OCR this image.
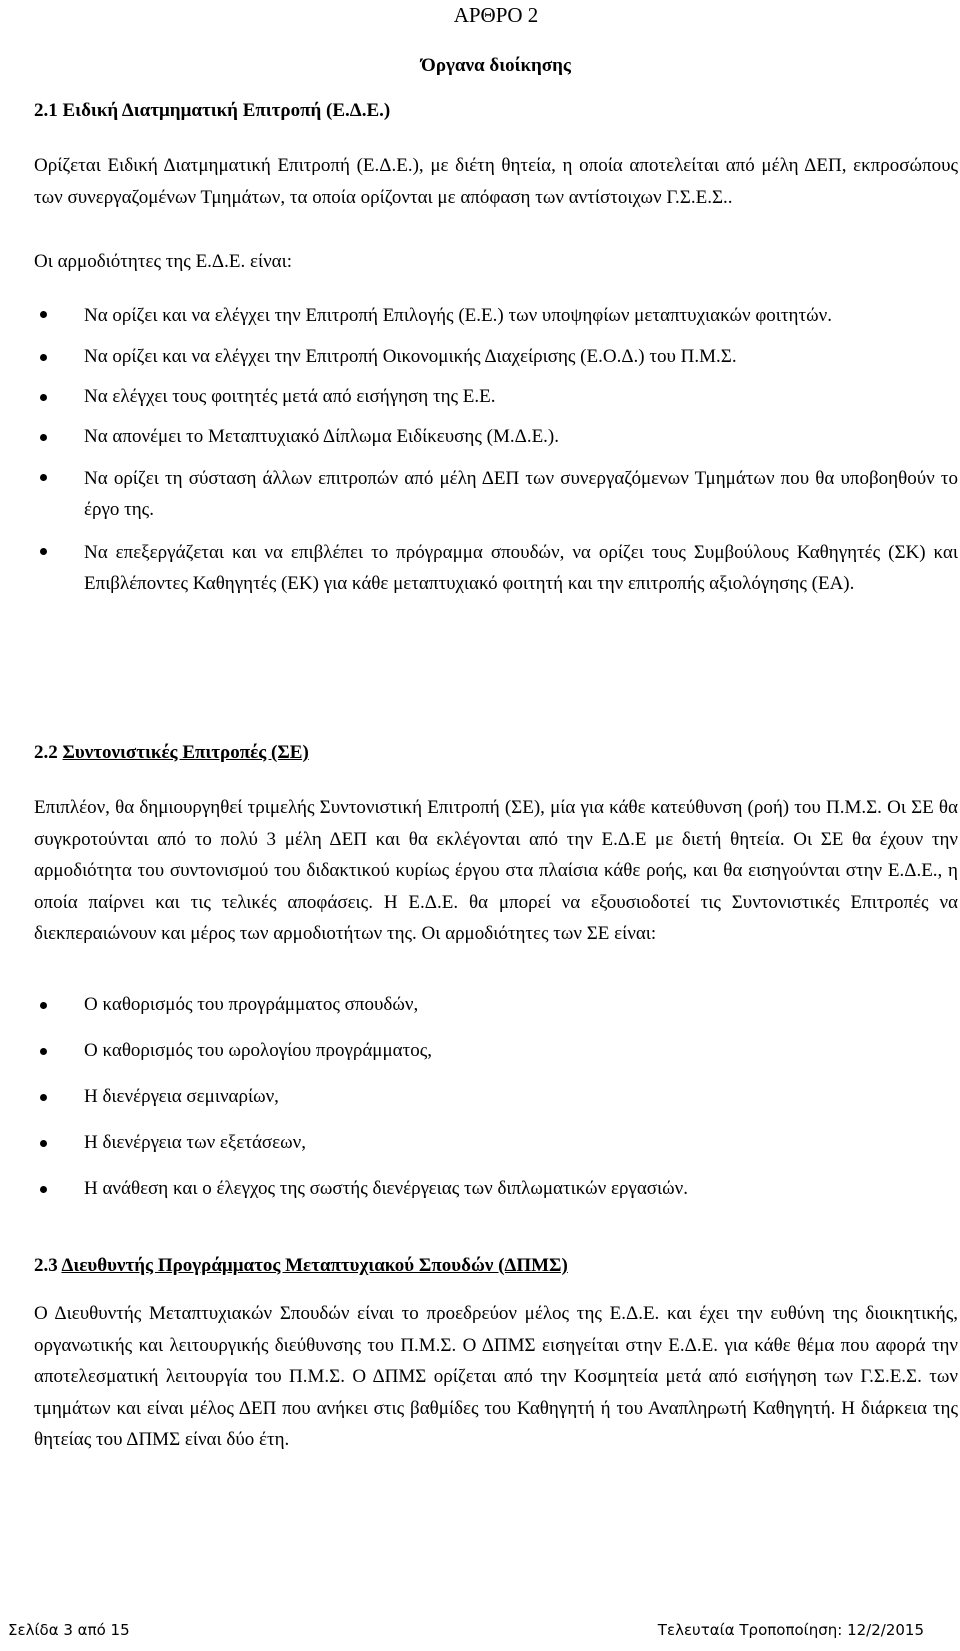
ΑΡΘΡΟ 2
Όργανα διοίκησης
2.1 Ειδική Διατμηματική Επιτροπή (Ε.Δ.Ε.)
Ορίζεται Ειδική Διατμηματική Επιτροπή (Ε.Δ.Ε.), με διέτη θητεία, η οποία αποτελείται από μέλη ΔΕΠ, εκπροσώπους των συνεργαζομένων Τμημάτων, τα οποία ορίζονται με απόφαση των αντίστοιχων Γ.Σ.Ε.Σ..
Οι αρμοδιότητες της Ε.Δ.Ε. είναι:
Να ορίζει και να ελέγχει την Επιτροπή Επιλογής (Ε.Ε.) των υποψηφίων μεταπτυχιακών φοιτητών.
Να ορίζει και να ελέγχει την Επιτροπή Οικονομικής Διαχείρισης (Ε.Ο.Δ.) του Π.Μ.Σ.
Να ελέγχει τους φοιτητές μετά από εισήγηση της Ε.Ε.
Να απονέμει το Μεταπτυχιακό Δίπλωμα Ειδίκευσης (Μ.Δ.Ε.).
Να ορίζει τη σύσταση άλλων επιτροπών από μέλη ΔΕΠ των συνεργαζόμενων Τμημάτων που θα υποβοηθούν το έργο της.
Να επεξεργάζεται και να επιβλέπει το πρόγραμμα σπουδών, να ορίζει τους Συμβούλους Καθηγητές (ΣΚ) και Επιβλέποντες Καθηγητές (ΕΚ) για κάθε μεταπτυχιακό φοιτητή και την επιτροπής αξιολόγησης (ΕΑ).
2.2 Συντονιστικές Επιτροπές (ΣΕ)
Επιπλέον, θα δημιουργηθεί τριμελής Συντονιστική Επιτροπή (ΣΕ), μία για κάθε κατεύθυνση (ροή) του Π.Μ.Σ. Οι ΣΕ θα συγκροτούνται από το πολύ 3 μέλη ΔΕΠ και θα εκλέγονται από την Ε.Δ.Ε με διετή θητεία. Οι ΣΕ θα έχουν την αρμοδιότητα του συντονισμού του διδακτικού κυρίως έργου στα πλαίσια κάθε ροής, και θα εισηγούνται στην Ε.Δ.Ε., η οποία παίρνει και τις τελικές αποφάσεις. Η Ε.Δ.Ε. θα μπορεί να εξουσιοδοτεί τις Συντονιστικές Επιτροπές να διεκπεραιώνουν και μέρος των αρμοδιοτήτων της. Οι αρμοδιότητες των ΣΕ είναι:
Ο καθορισμός του προγράμματος σπουδών,
Ο καθορισμός του ωρολογίου προγράμματος,
Η διενέργεια σεμιναρίων,
Η διενέργεια των εξετάσεων,
Η ανάθεση και ο έλεγχος της σωστής διενέργειας των διπλωματικών εργασιών.
2.3 Διευθυντής Προγράμματος Μεταπτυχιακού Σπουδών (ΔΠΜΣ)
Ο Διευθυντής Μεταπτυχιακών Σπουδών είναι το προεδρεύον μέλος της Ε.Δ.Ε. και έχει την ευθύνη της διοικητικής, οργανωτικής και λειτουργικής διεύθυνσης του Π.Μ.Σ. Ο ΔΠΜΣ εισηγείται στην Ε.Δ.Ε. για κάθε θέμα που αφορά την αποτελεσματική λειτουργία του Π.Μ.Σ. Ο ΔΠΜΣ ορίζεται από την Κοσμητεία μετά από εισήγηση των Γ.Σ.Ε.Σ. των τμημάτων και είναι μέλος ΔΕΠ που ανήκει στις βαθμίδες του Καθηγητή ή του Αναπληρωτή Καθηγητή. Η διάρκεια της θητείας του ΔΠΜΣ είναι δύο έτη.
Σελίδα 3 από 15	Τελευταία Τροποποίηση: 12/2/2015
